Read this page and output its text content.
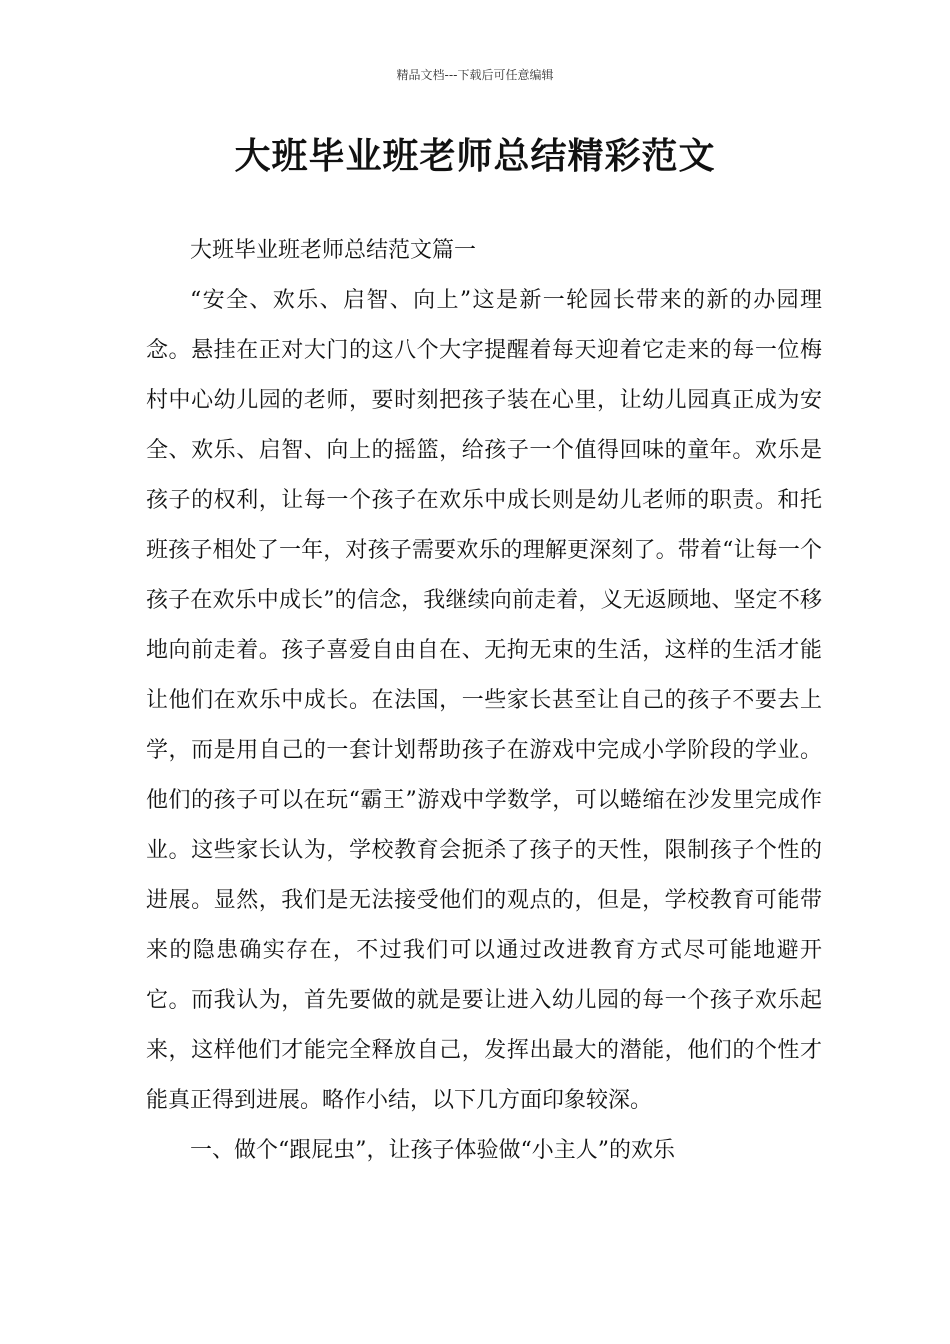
精品文档---下载后可任意编辑
大班毕业班老师总结精彩范文

大班毕业班老师总结范文篇一

“安全、欢乐、启智、向上”这是新一轮园长带来的新的办园理念。悬挂在正对大门的这八个大字提醒着每天迎着它走来的每一位梅村中心幼儿园的老师，要时刻把孩子装在心里，让幼儿园真正成为安全、欢乐、启智、向上的摇篮，给孩子一个值得回味的童年。欢乐是孩子的权利，让每一个孩子在欢乐中成长则是幼儿老师的职责。和托班孩子相处了一年，对孩子需要欢乐的理解更深刻了。带着“让每一个孩子在欢乐中成长”的信念，我继续向前走着，义无返顾地、坚定不移地向前走着。孩子喜爱自由自在、无拘无束的生活，这样的生活才能让他们在欢乐中成长。在法国，一些家长甚至让自己的孩子不要去上学，而是用自己的一套计划帮助孩子在游戏中完成小学阶段的学业。他们的孩子可以在玩“霸王”游戏中学数学，可以蜷缩在沙发里完成作业。这些家长认为，学校教育会扼杀了孩子的天性，限制孩子个性的进展。显然，我们是无法接受他们的观点的，但是，学校教育可能带来的隐患确实存在，不过我们可以通过改进教育方式尽可能地避开它。而我认为，首先要做的就是要让进入幼儿园的每一个孩子欢乐起来，这样他们才能完全释放自己，发挥出最大的潜能，他们的个性才能真正得到进展。略作小结，以下几方面印象较深。

一、做个“跟屁虫”，让孩子体验做“小主人”的欢乐
